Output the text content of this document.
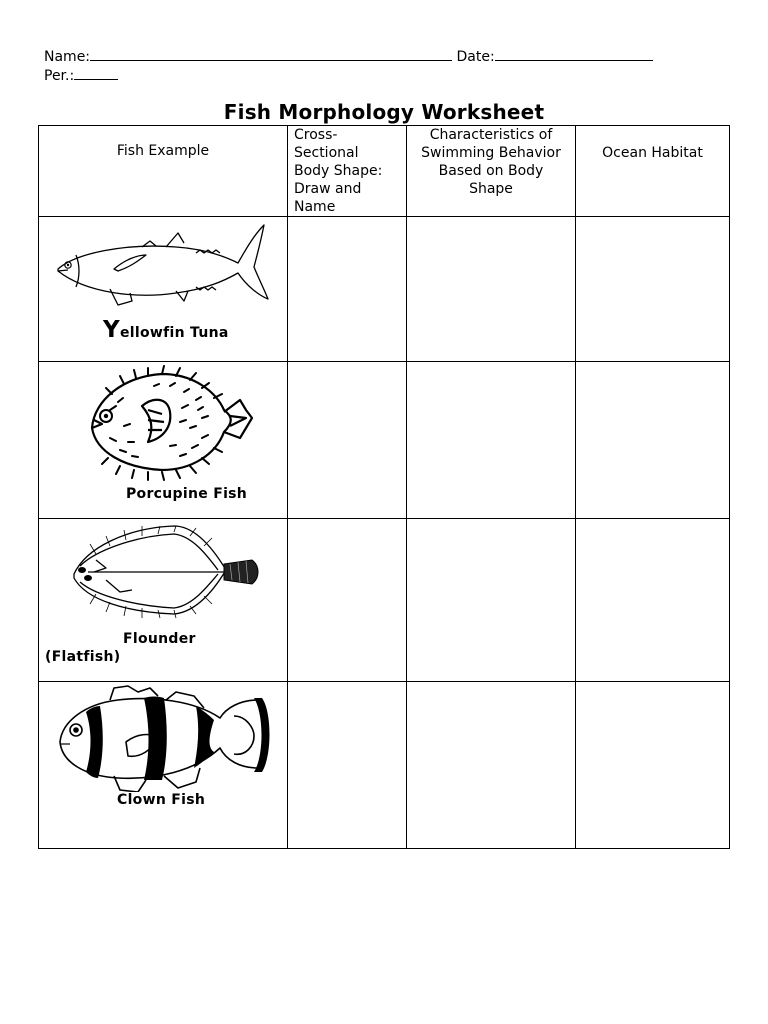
Name:	Date:
Per.:
Fish Morphology Worksheet
Fish Example
Cross-
Sectional
Body Shape:
Draw and
Name
Characteristics of
Swimming Behavior
Based on Body
Shape
Ocean Habitat
Yellowfin Tuna
Porcupine Fish
Flounder
(Flatfish)
Clown Fish
